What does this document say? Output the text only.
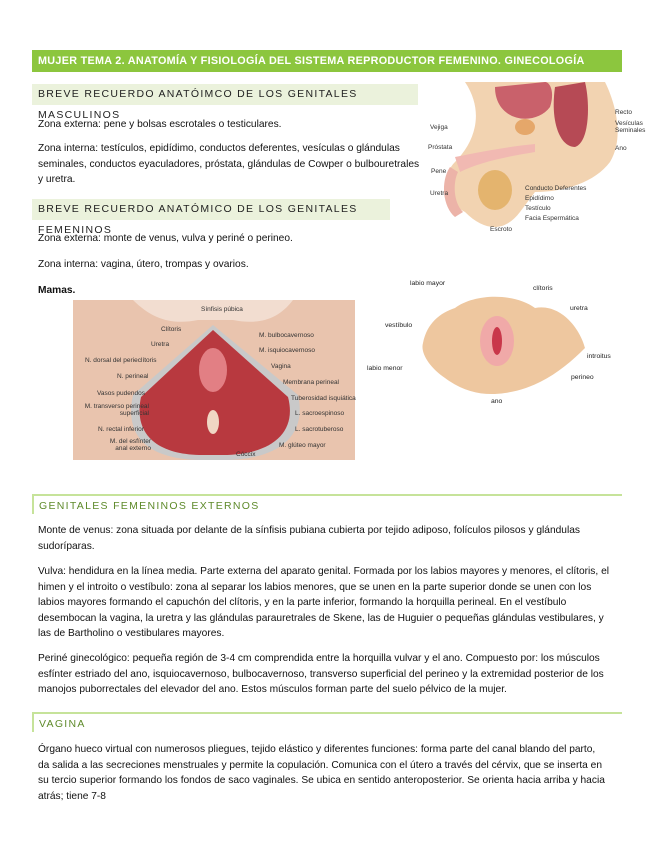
MUJER TEMA 2. ANATOMÍA Y FISIOLOGÍA DEL SISTEMA REPRODUCTOR FEMENINO. GINECOLOGÍA
BREVE RECUERDO ANATÓIMCO DE LOS GENITALES MASCULINOS
Zona externa: pene y bolsas escrotales o testiculares.
Zona interna: testículos, epidídimo, conductos deferentes, vesículas o glándulas seminales, conductos eyaculadores, próstata, glándulas de Cowper o bulbouretrales y uretra.
Vejiga
Próstata
Pene
Uretra
Recto
Vesículas Seminales
Ano
Conducto Deferentes
Epidídimo
Testículo
Facia Espermática
Escroto
BREVE RECUERDO ANATÓMICO DE LOS GENITALES FEMENINOS
Zona externa: monte de venus, vulva y periné o perineo.
Zona interna: vagina, útero, trompas y ovarios.
Mamas.
Sínfisis púbica
Clítoris
Uretra
N. dorsal del perieclítoris
N. perineal
Vasos pudendos
M. transverso perineal superficial
N. rectal inferior
M. del esfínter anal externo
M. bulbocavernoso
M. isquiocavernoso
Vagina
Membrana perineal
Tuberosidad isquiática
L. sacroespinoso
L. sacrotuberoso
M. glúteo mayor
Cóccix
labio mayor
clítoris
uretra
vestíbulo
introitus
labio menor
perineo
ano
GENITALES FEMENINOS EXTERNOS
Monte de venus: zona situada por delante de la sínfisis pubiana cubierta por tejido adiposo, folículos pilosos y glándulas sudoríparas.
Vulva: hendidura en la línea media. Parte externa del aparato genital. Formada por los labios mayores y menores, el clítoris, el himen y el introito o vestíbulo: zona al separar los labios menores, que se unen en la parte superior donde se unen con los labios mayores formando el capuchón del clítoris, y en la parte inferior, formando la horquilla perineal. En el vestíbulo desembocan la vagina, la uretra y las glándulas parauretrales de Skene, las de Huguier o pequeñas glándulas vestibulares, y las de Bartholino o vestibulares mayores.
Periné ginecológico: pequeña región de 3-4 cm comprendida entre la horquilla vulvar y el ano. Compuesto por: los músculos esfínter estriado del ano, isquiocavernoso, bulbocavernoso, transverso superficial del perineo y la extremidad posterior de los manojos puborrectales del elevador del ano. Estos músculos forman parte del suelo pélvico de la mujer.
VAGINA
Órgano hueco virtual con numerosos pliegues, tejido elástico y diferentes funciones: forma parte del canal blando del parto, da salida a las secreciones menstruales y permite la copulación. Comunica con el útero a través del cérvix, que se inserta en su tercio superior formando los fondos de saco vaginales. Se ubica en sentido anteroposterior. Se orienta hacia arriba y hacia atrás; tiene 7-8
